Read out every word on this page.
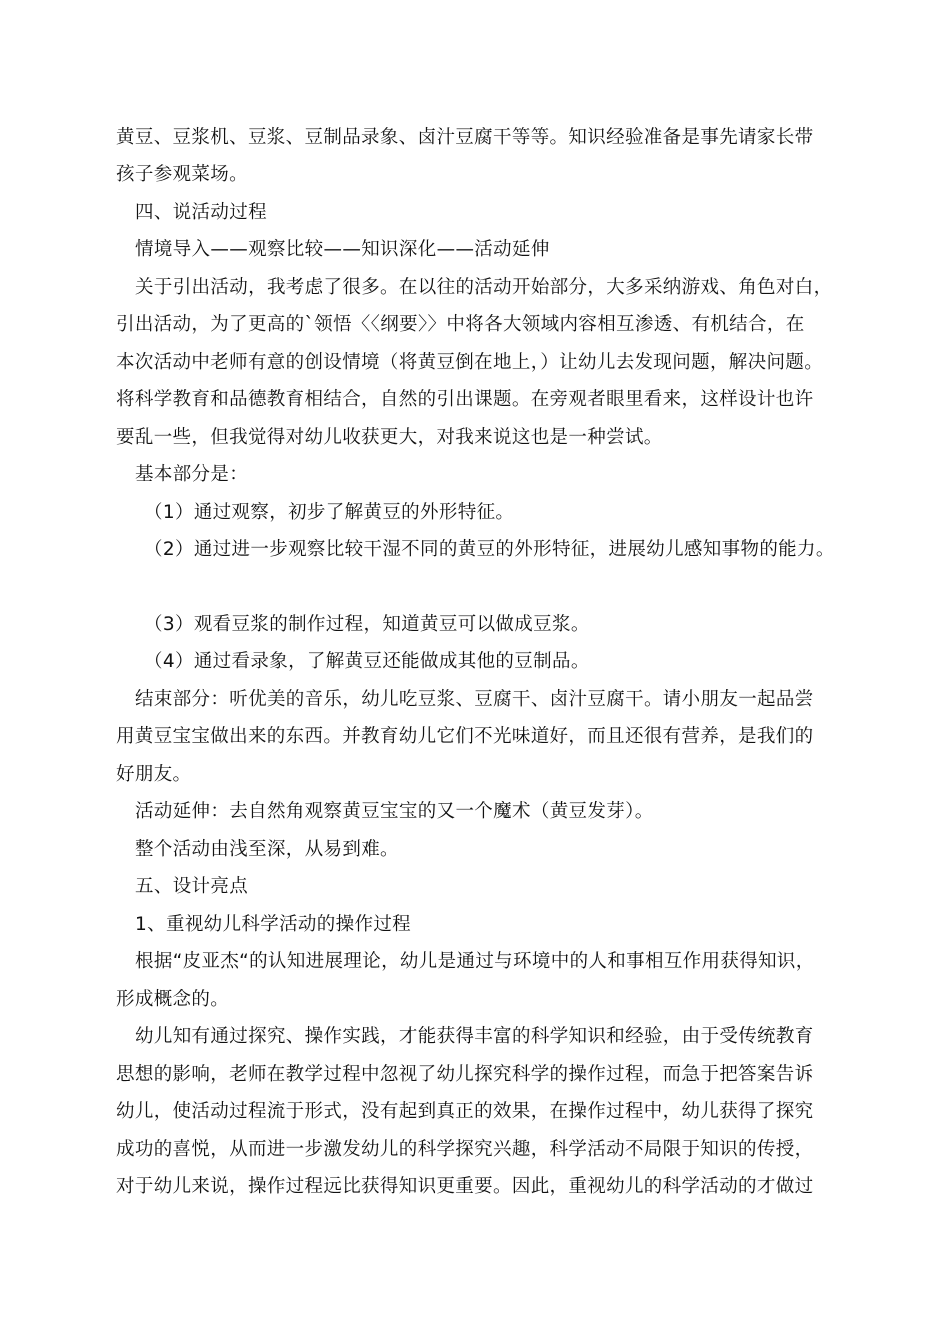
黄豆、豆浆机、豆浆、豆制品录象、卤汁豆腐干等等。知识经验准备是事先请家长带
孩子参观菜场。
四、说活动过程
情境导入——观察比较——知识深化——活动延伸
关于引出活动，我考虑了很多。在以往的活动开始部分，大多采纳游戏、角色对白，
引出活动，为了更高的`领悟〈〈纲要〉〉中将各大领域内容相互渗透、有机结合，在
本次活动中老师有意的创设情境（将黄豆倒在地上，）让幼儿去发现问题，解决问题。
将科学教育和品德教育相结合，自然的引出课题。在旁观者眼里看来，这样设计也许
要乱一些，但我觉得对幼儿收获更大，对我来说这也是一种尝试。
基本部分是：
（1）通过观察，初步了解黄豆的外形特征。
（2）通过进一步观察比较干湿不同的黄豆的外形特征，进展幼儿感知事物的能力。
（3）观看豆浆的制作过程，知道黄豆可以做成豆浆。
（4）通过看录象，了解黄豆还能做成其他的豆制品。
结束部分：听优美的音乐，幼儿吃豆浆、豆腐干、卤汁豆腐干。请小朋友一起品尝
用黄豆宝宝做出来的东西。并教育幼儿它们不光味道好，而且还很有营养，是我们的
好朋友。
活动延伸：去自然角观察黄豆宝宝的又一个魔术（黄豆发芽）。
整个活动由浅至深，从易到难。
五、设计亮点
1、重视幼儿科学活动的操作过程
根据“皮亚杰“的认知进展理论，幼儿是通过与环境中的人和事相互作用获得知识，
形成概念的。
幼儿知有通过探究、操作实践，才能获得丰富的科学知识和经验，由于受传统教育
思想的影响，老师在教学过程中忽视了幼儿探究科学的操作过程，而急于把答案告诉
幼儿，使活动过程流于形式，没有起到真正的效果，在操作过程中，幼儿获得了探究
成功的喜悦，从而进一步激发幼儿的科学探究兴趣，科学活动不局限于知识的传授，
对于幼儿来说，操作过程远比获得知识更重要。因此，重视幼儿的科学活动的才做过
